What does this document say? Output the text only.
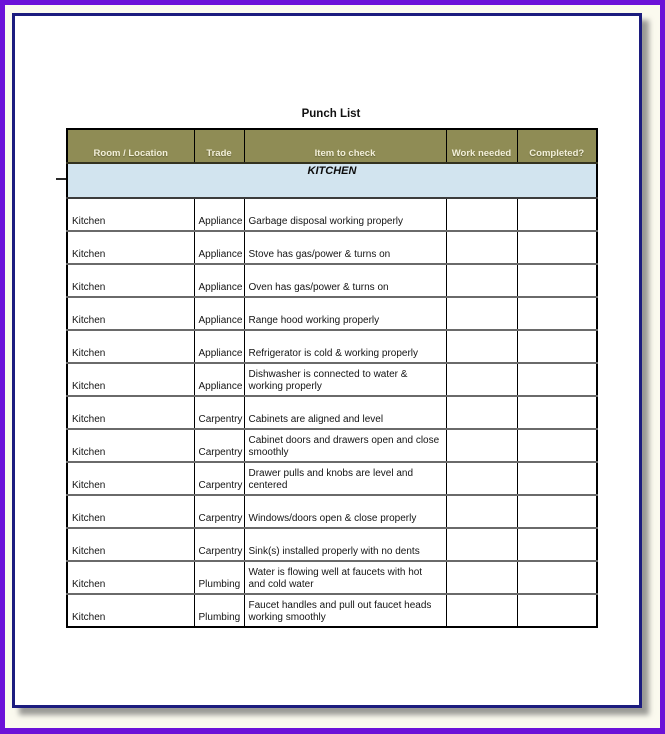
Punch List
Room / Location	Trade	Item to check	Work needed	Completed?
KITCHEN				
Kitchen	Appliance	Garbage disposal working properly		
Kitchen	Appliance	Stove has gas/power & turns on		
Kitchen	Appliance	Oven has gas/power & turns on		
Kitchen	Appliance	Range hood working properly		
Kitchen	Appliance	Refrigerator is cold & working properly		
Kitchen	Appliance	Dishwasher is connected to water & working properly		
Kitchen	Carpentry	Cabinets are aligned and level		
Kitchen	Carpentry	Cabinet doors and drawers open and close smoothly		
Kitchen	Carpentry	Drawer pulls and knobs are level and centered		
Kitchen	Carpentry	Windows/doors open & close properly		
Kitchen	Carpentry	Sink(s) installed properly with no dents		
Kitchen	Plumbing	Water is flowing well at faucets with hot and cold water		
Kitchen	Plumbing	Faucet handles and pull out faucet heads working smoothly		
